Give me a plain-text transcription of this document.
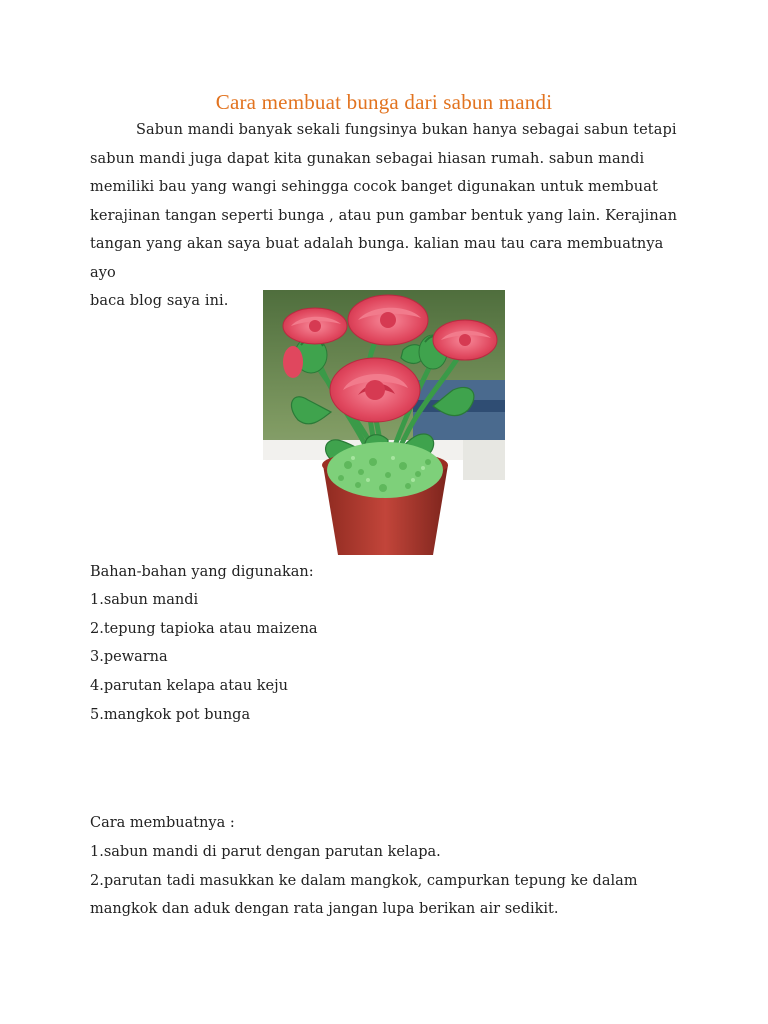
Cara membuat bunga dari sabun mandi
Sabun mandi banyak sekali fungsinya bukan hanya sebagai sabun tetapi
sabun mandi juga dapat kita gunakan sebagai hiasan rumah. sabun mandi
memiliki bau yang wangi sehingga cocok banget digunakan untuk membuat
kerajinan tangan seperti bunga , atau pun gambar bentuk yang lain. Kerajinan
tangan yang akan saya buat adalah bunga. kalian mau tau cara membuatnya ayo
baca blog saya ini.

Bahan-bahan yang digunakan:

1.sabun mandi
2.tepung tapioka atau maizena
3.pewarna
4.parutan kelapa atau keju
5.mangkok pot bunga

Cara membuatnya :

1.sabun mandi di parut dengan parutan kelapa.
2.parutan tadi masukkan ke dalam mangkok, campurkan tepung ke dalam
mangkok dan aduk dengan rata jangan lupa berikan air sedikit.
